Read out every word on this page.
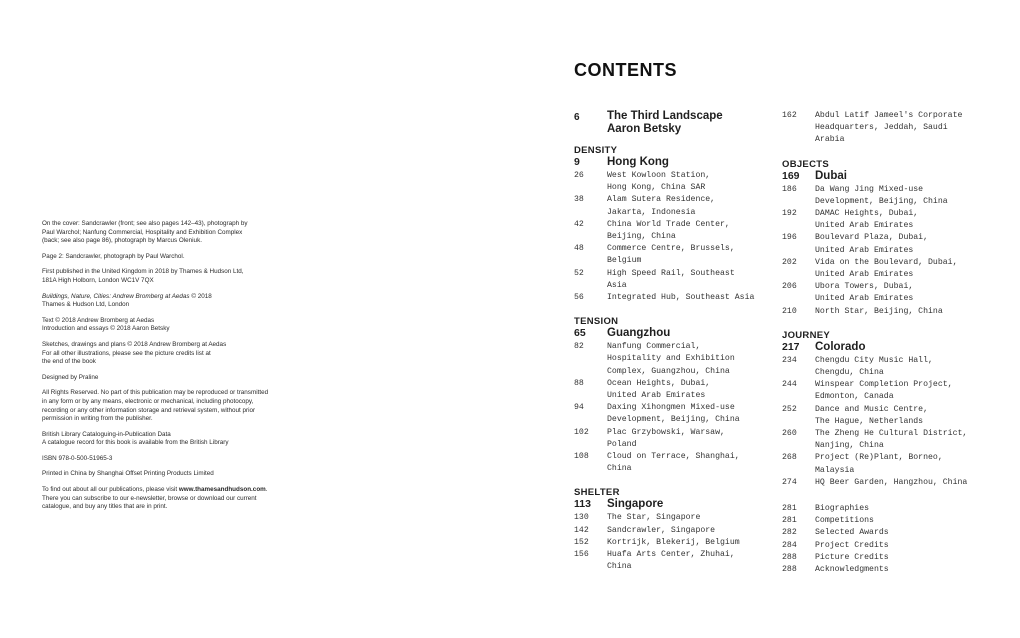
On the cover: Sandcrawler (front; see also pages 142–43), photograph by
Paul Warchol; Nanfung Commercial, Hospitality and Exhibition Complex
(back; see also page 86), photograph by Marcus Oleniuk.

Page 2: Sandcrawler, photograph by Paul Warchol.

First published in the United Kingdom in 2018 by Thames & Hudson Ltd,
181A High Holborn, London WC1V 7QX

Buildings, Nature, Cities: Andrew Bromberg at Aedas © 2018
Thames & Hudson Ltd, London

Text © 2018 Andrew Bromberg at Aedas
Introduction and essays © 2018 Aaron Betsky

Sketches, drawings and plans © 2018 Andrew Bromberg at Aedas
For all other illustrations, please see the picture credits list at
the end of the book

Designed by Praline

All Rights Reserved. No part of this publication may be reproduced or transmitted
in any form or by any means, electronic or mechanical, including photocopy,
recording or any other information storage and retrieval system, without prior
permission in writing from the publisher.

British Library Cataloguing-in-Publication Data
A catalogue record for this book is available from the British Library

ISBN 978-0-500-51965-3

Printed in China by Shanghai Offset Printing Products Limited

To find out about all our publications, please visit www.thamesandhudson.com.
There you can subscribe to our e-newsletter, browse or download our current
catalogue, and buy any titles that are in print.

CONTENTS
6	The Third Landscape
Aaron Betsky
DENSITY
9	Hong Kong
26	West Kowloon Station,
Hong Kong, China SAR
38	Alam Sutera Residence,
Jakarta, Indonesia
42	China World Trade Center,
Beijing, China
48	Commerce Centre, Brussels,
Belgium
52	High Speed Rail, Southeast
Asia
56	Integrated Hub, Southeast Asia
TENSION
65	Guangzhou
82	Nanfung Commercial,
Hospitality and Exhibition
Complex, Guangzhou, China
88	Ocean Heights, Dubai,
United Arab Emirates
94	Daxing Xihongmen Mixed-use
Development, Beijing, China
102	Plac Grzybowski, Warsaw,
Poland
108	Cloud on Terrace, Shanghai,
China
SHELTER
113	Singapore
130	The Star, Singapore
142	Sandcrawler, Singapore
152	Kortrijk, Blekerij, Belgium
156	Huafa Arts Center, Zhuhai,
China
162	Abdul Latif Jameel's Corporate
Headquarters, Jeddah, Saudi
Arabia
OBJECTS
169	Dubai
186	Da Wang Jing Mixed-use
Development, Beijing, China
192	DAMAC Heights, Dubai,
United Arab Emirates
196	Boulevard Plaza, Dubai,
United Arab Emirates
202	Vida on the Boulevard, Dubai,
United Arab Emirates
206	Ubora Towers, Dubai,
United Arab Emirates
210	North Star, Beijing, China
JOURNEY
217	Colorado
234	Chengdu City Music Hall,
Chengdu, China
244	Winspear Completion Project,
Edmonton, Canada
252	Dance and Music Centre,
The Hague, Netherlands
260	The Zheng He Cultural District,
Nanjing, China
268	Project (Re)Plant, Borneo,
Malaysia
274	HQ Beer Garden, Hangzhou, China
281	Biographies
281	Competitions
282	Selected Awards
284	Project Credits
288	Picture Credits
288	Acknowledgments
